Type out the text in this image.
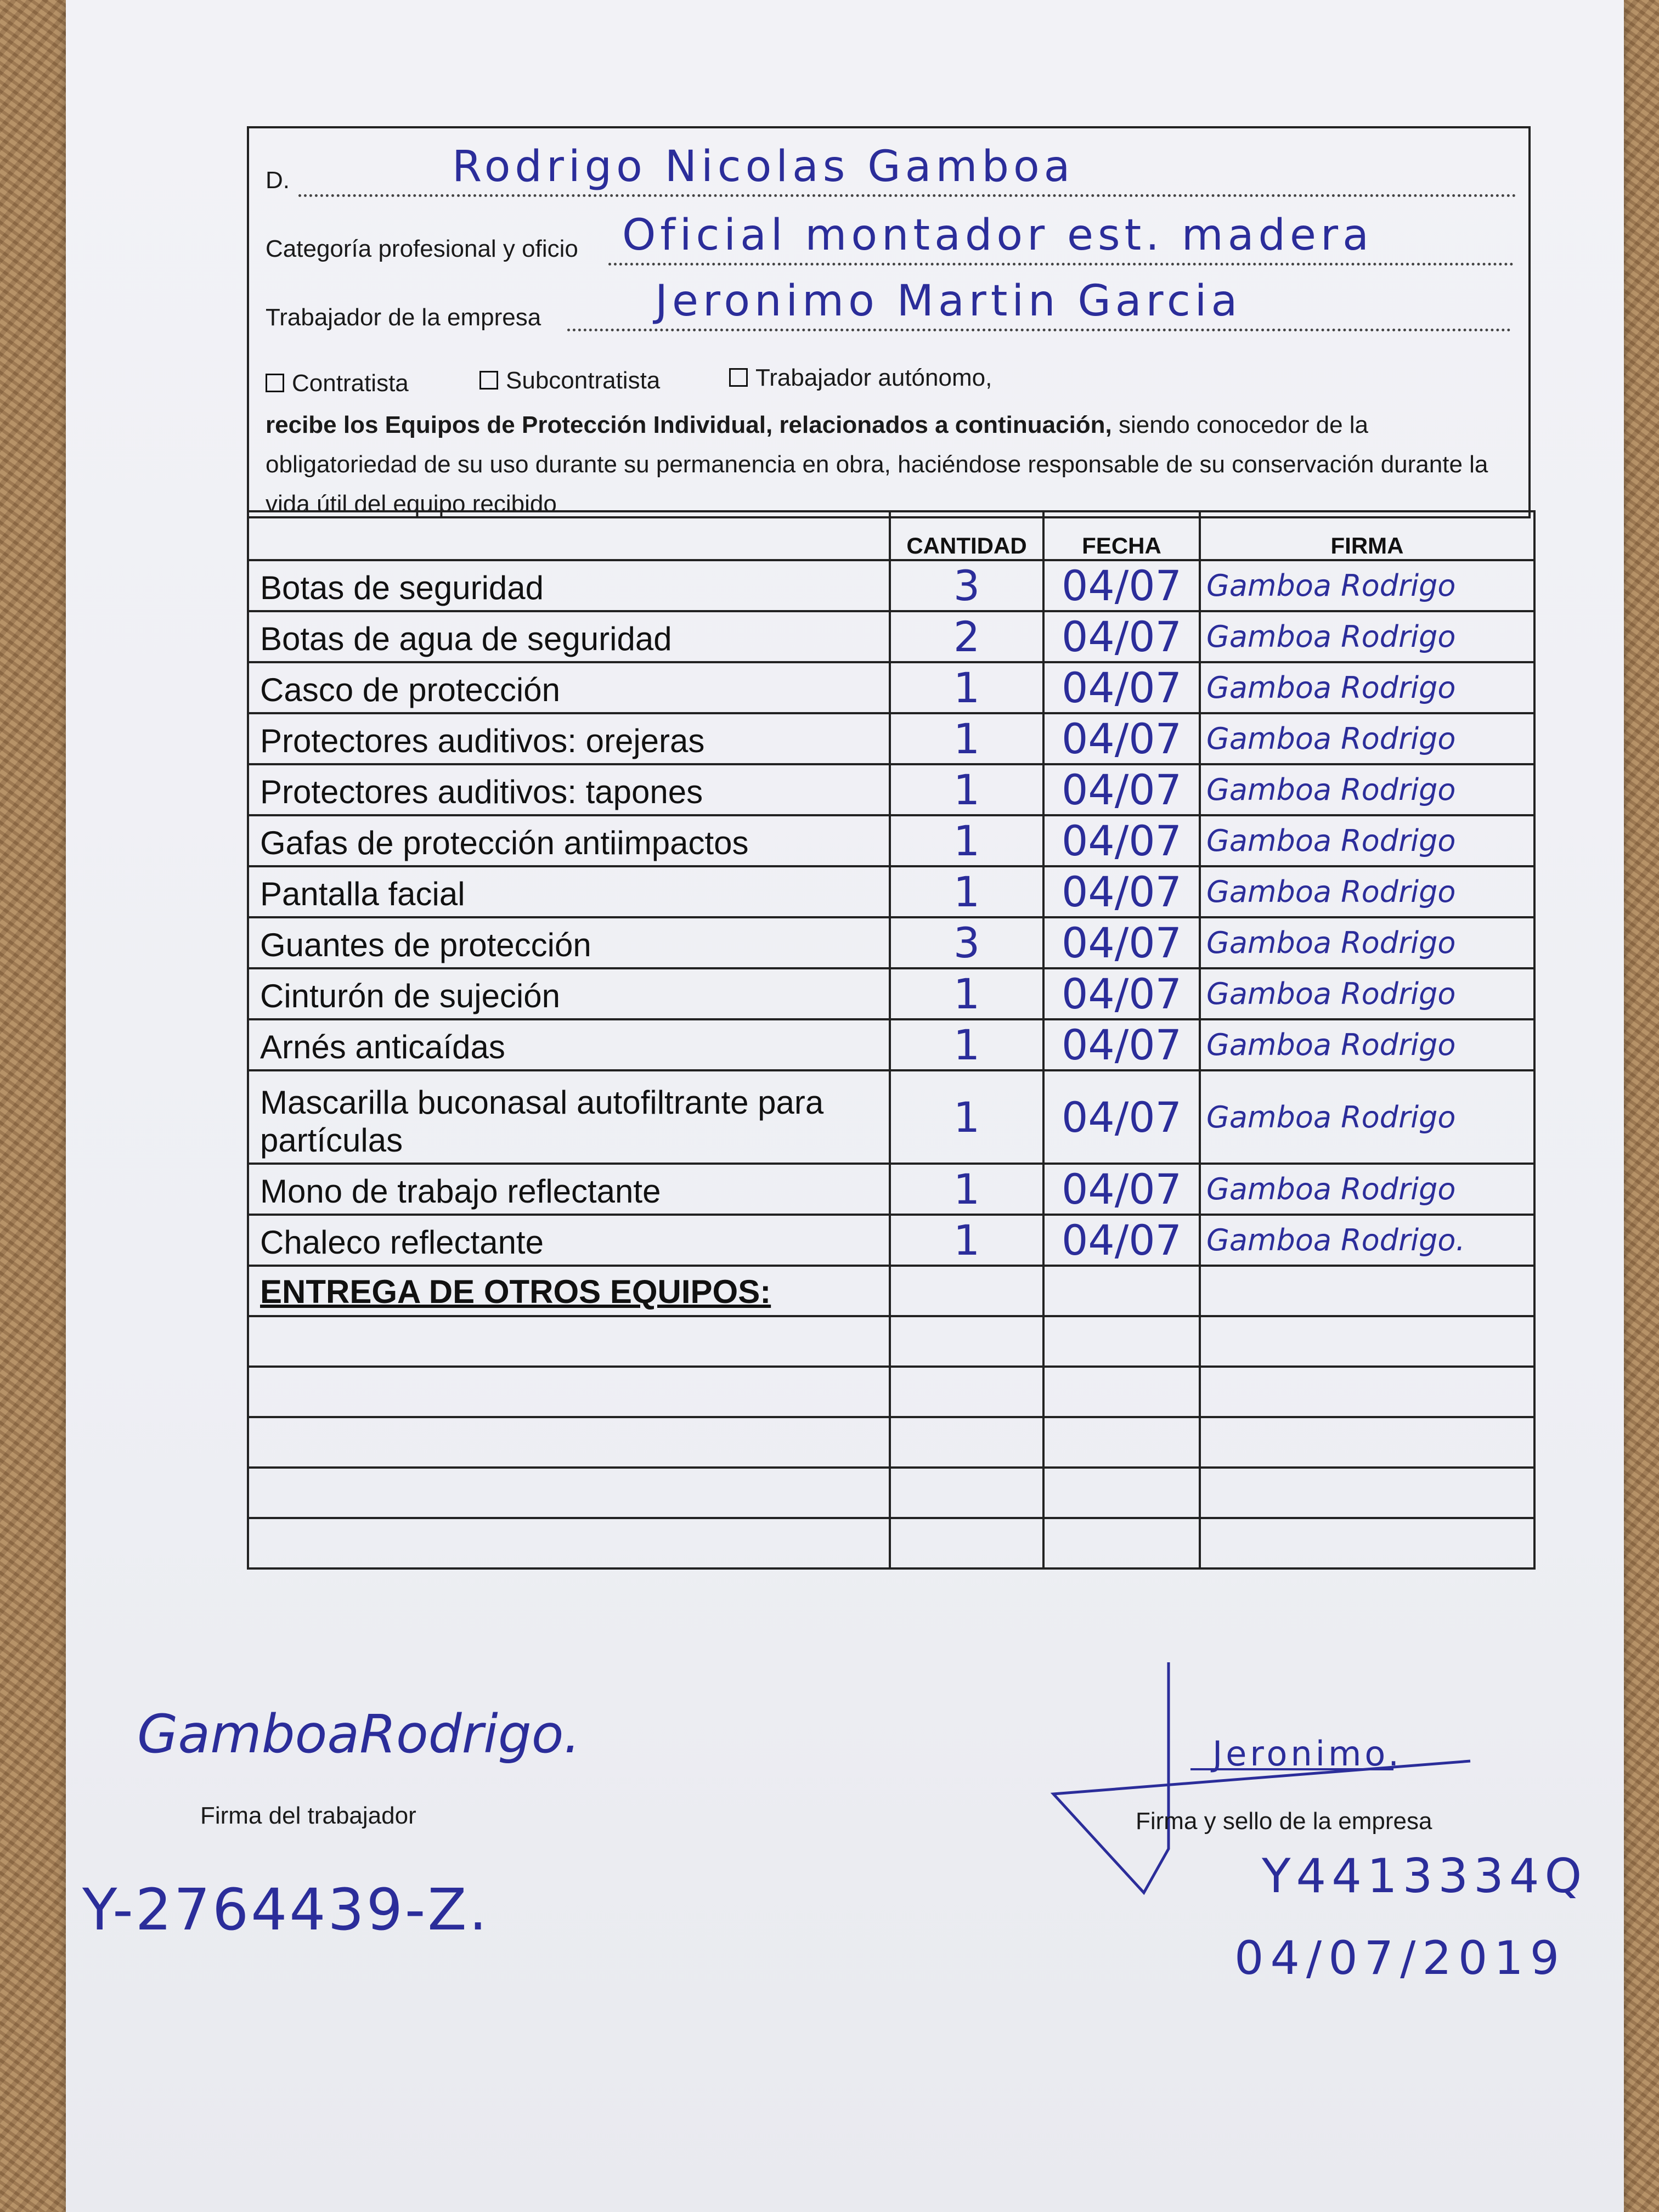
D.	Rodrigo Nicolas Gamboa
Categoría profesional y oficio Oficial montador est. madera
Trabajador de la empresa	Jeronimo Martin Garcia
Contratista	Subcontratista	Trabajador autónomo,
recibe los Equipos de Protección Individual, relacionados a continuación, siendo conocedor de la obligatoriedad de su uso durante su permanencia en obra, haciéndose responsable de su conservación durante la vida útil del equipo recibido
	CANTIDAD	FECHA	FIRMA
Botas de seguridad	3	04/07	Gamboa Rodrigo
Botas de agua de seguridad	2	04/07	Gamboa Rodrigo
Casco de protección	1	04/07	Gamboa Rodrigo
Protectores auditivos: orejeras	1	04/07	Gamboa Rodrigo
Protectores auditivos: tapones	1	04/07	Gamboa Rodrigo
Gafas de protección antiimpactos	1	04/07	Gamboa Rodrigo
Pantalla facial	1	04/07	Gamboa Rodrigo
Guantes de protección	3	04/07	Gamboa Rodrigo
Cinturón de sujeción	1	04/07	Gamboa Rodrigo
Arnés anticaídas	1	04/07	Gamboa Rodrigo
Mascarilla buconasal autofiltrante para partículas	1	04/07	Gamboa Rodrigo
Mono de trabajo reflectante	1	04/07	Gamboa Rodrigo
Chaleco reflectante	1	04/07	Gamboa Rodrigo.
ENTREGA DE OTROS EQUIPOS:			

GamboaRodrigo.
Firma del trabajador
Y-2764439-Z.
Jeronimo.
Firma y sello de la empresa
Y4413334Q
04/07/2019
